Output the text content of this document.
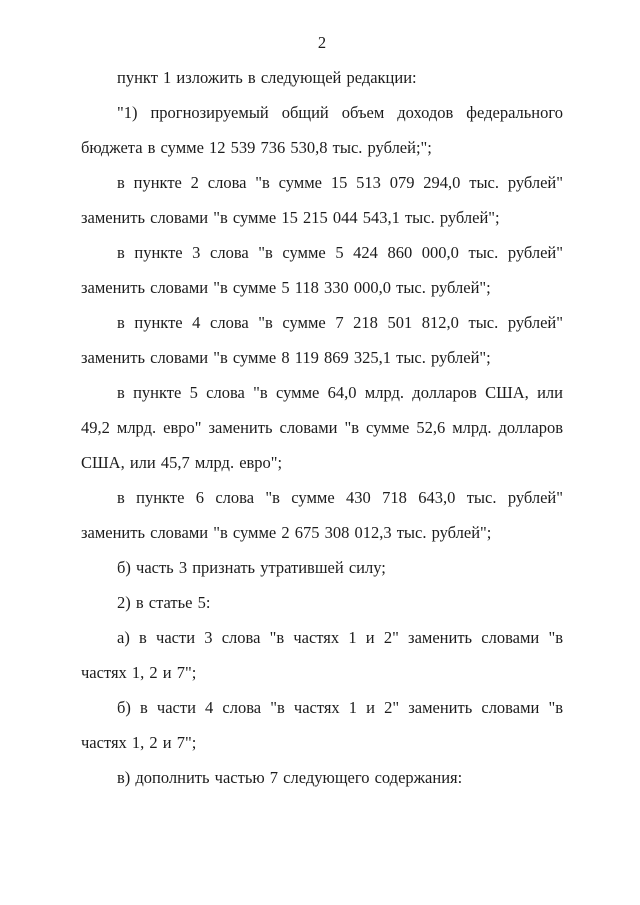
2

пункт 1 изложить в следующей редакции:

"1) прогнозируемый общий объем доходов федерального бюджета в сумме 12 539 736 530,8 тыс. рублей;";

в пункте 2 слова "в сумме 15 513 079 294,0 тыс. рублей" заменить словами "в сумме 15 215 044 543,1 тыс. рублей";

в пункте 3 слова "в сумме 5 424 860 000,0 тыс. рублей" заменить словами "в сумме 5 118 330 000,0 тыс. рублей";

в пункте 4 слова "в сумме 7 218 501 812,0 тыс. рублей" заменить словами "в сумме 8 119 869 325,1 тыс. рублей";

в пункте 5 слова "в сумме 64,0 млрд. долларов США, или 49,2 млрд. евро" заменить словами "в сумме 52,6 млрд. долларов США, или 45,7 млрд. евро";

в пункте 6 слова "в сумме 430 718 643,0 тыс. рублей" заменить словами "в сумме 2 675 308 012,3 тыс. рублей";

б) часть 3 признать утратившей силу;

2) в статье 5:

а) в части 3 слова "в частях 1 и 2" заменить словами "в частях 1, 2 и 7";

б) в части 4 слова "в частях 1 и 2" заменить словами "в частях 1, 2 и 7";

в) дополнить частью 7 следующего содержания:
